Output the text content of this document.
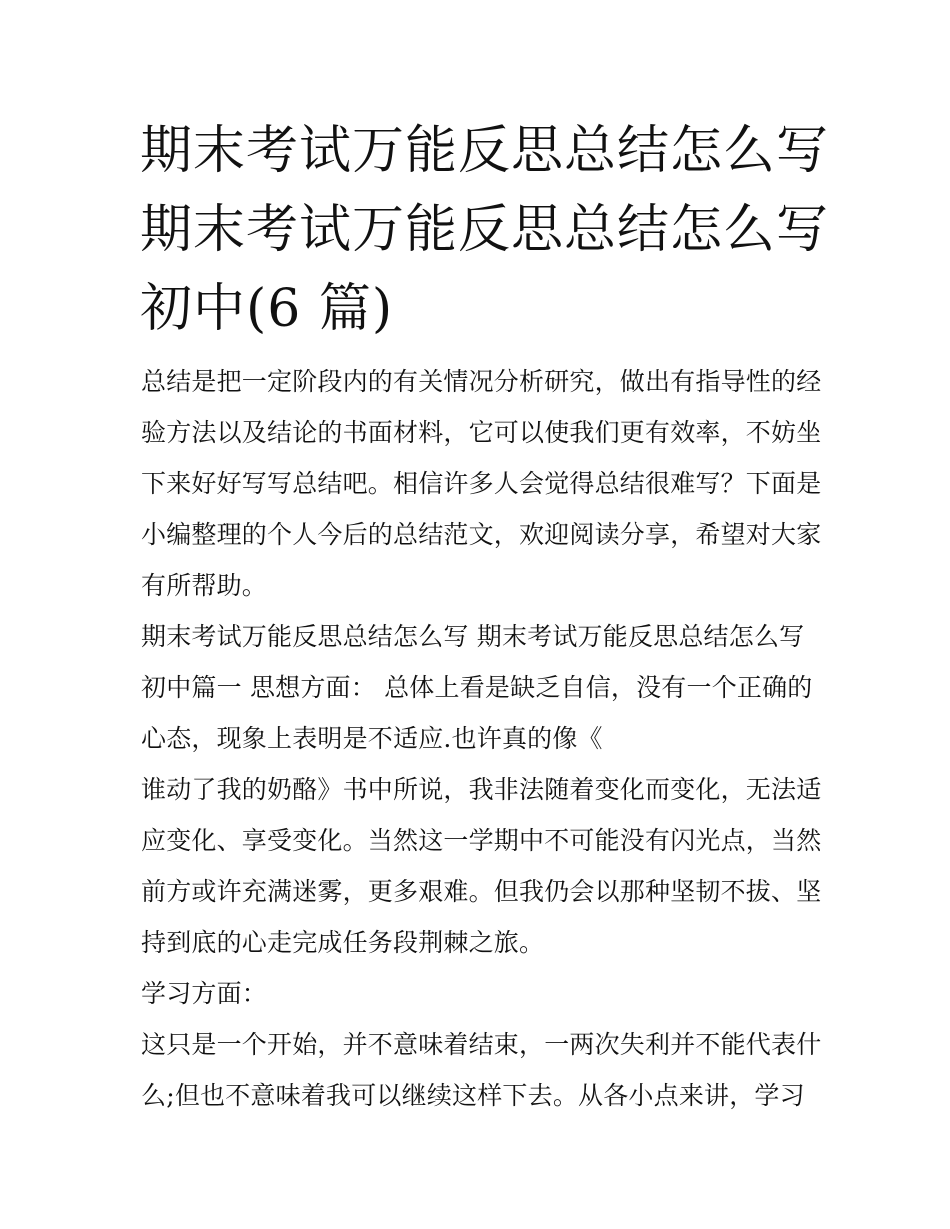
期末考试万能反思总结怎么写
期末考试万能反思总结怎么写
初中(6 篇)
总结是把一定阶段内的有关情况分析研究，做出有指导性的经
验方法以及结论的书面材料，它可以使我们更有效率，不妨坐
下来好好写写总结吧。相信许多人会觉得总结很难写？下面是
小编整理的个人今后的总结范文，欢迎阅读分享，希望对大家
有所帮助。
期末考试万能反思总结怎么写 期末考试万能反思总结怎么写
初中篇一 思想方面： 总体上看是缺乏自信，没有一个正确的
心态，现象上表明是不适应.也许真的像《
谁动了我的奶酪》书中所说，我非法随着变化而变化，无法适
应变化、享受变化。当然这一学期中不可能没有闪光点，当然
前方或许充满迷雾，更多艰难。但我仍会以那种坚韧不拔、坚
持到底的心走完成任务段荆棘之旅。
学习方面：
这只是一个开始，并不意味着结束，一两次失利并不能代表什
么;但也不意味着我可以继续这样下去。从各小点来讲，学习
